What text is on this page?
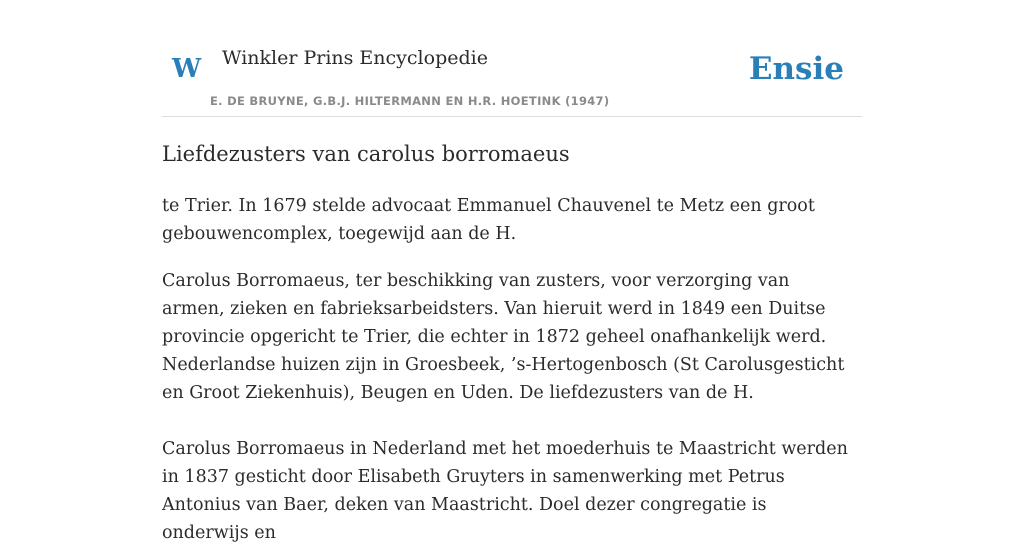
W Winkler Prins Encyclopedie
E. DE BRUYNE, G.B.J. HILTERMANN EN H.R. HOETINK (1947)
Ensie
Liefdezusters van carolus borromaeus

te Trier. In 1679 stelde advocaat Emmanuel Chauvenel te Metz een groot gebouwencomplex, toegewijd aan de H.

Carolus Borromaeus, ter beschikking van zusters, voor verzorging van armen, zieken en fabrieksarbeidsters. Van hieruit werd in 1849 een Duitse provincie opgericht te Trier, die echter in 1872 geheel onafhankelijk werd. Nederlandse huizen zijn in Groesbeek, ’s-Hertogenbosch (St Carolusgesticht en Groot Ziekenhuis), Beugen en Uden. De liefdezusters van de H.

Carolus Borromaeus in Nederland met het moederhuis te Maastricht werden in 1837 gesticht door Elisabeth Gruyters in samenwerking met Petrus Antonius van Baer, deken van Maastricht. Doel dezer congregatie is onderwijs en
